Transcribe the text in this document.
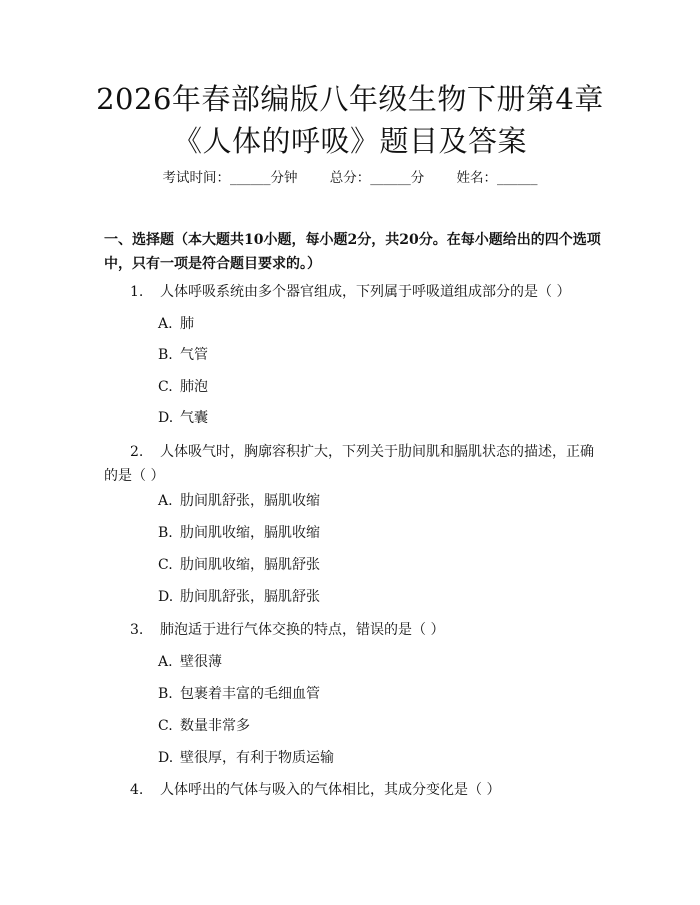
2026年春部编版八年级生物下册第4章《人体的呼吸》题目及答案
考试时间：______分钟 总分：______分 姓名：______
一、选择题（本大题共10小题，每小题2分，共20分。在每小题给出的四个选项中，只有一项是符合题目要求的。）
1. 人体呼吸系统由多个器官组成，下列属于呼吸道组成部分的是（ ）
A. 肺
B. 气管
C. 肺泡
D. 气囊
2. 人体吸气时，胸廓容积扩大，下列关于肋间肌和膈肌状态的描述，正确的是（ ）
A. 肋间肌舒张，膈肌收缩
B. 肋间肌收缩，膈肌收缩
C. 肋间肌收缩，膈肌舒张
D. 肋间肌舒张，膈肌舒张
3. 肺泡适于进行气体交换的特点，错误的是（ ）
A. 壁很薄
B. 包裹着丰富的毛细血管
C. 数量非常多
D. 壁很厚，有利于物质运输
4. 人体呼出的气体与吸入的气体相比，其成分变化是（ ）
